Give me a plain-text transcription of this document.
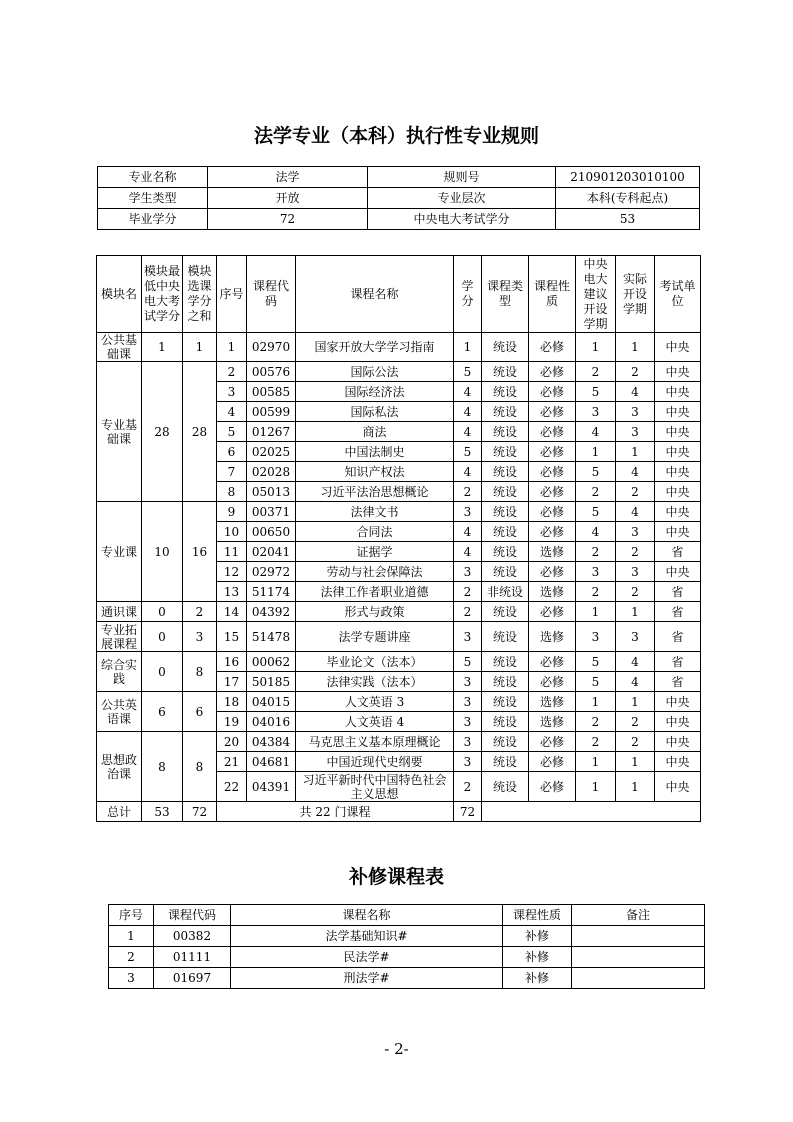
法学专业（本科）执行性专业规则
专业名称	法学	规则号	210901203010100
学生类型	开放	专业层次	本科(专科起点)
毕业学分	72	中央电大考试学分	53
模块名	模块最低中央电大考试学分	模块选课学分之和	序号	课程代码	课程名称	学分	课程类型	课程性质	中央电大建议开设学期	实际开设学期	考试单位
公共基础课	1	1	1	02970	国家开放大学学习指南	1	统设	必修	1	1	中央
专业基础课	28	28	2	00576	国际公法	5	统设	必修	2	2	中央
			3	00585	国际经济法	4	统设	必修	5	4	中央
			4	00599	国际私法	4	统设	必修	3	3	中央
			5	01267	商法	4	统设	必修	4	3	中央
			6	02025	中国法制史	5	统设	必修	1	1	中央
			7	02028	知识产权法	4	统设	必修	5	4	中央
			8	05013	习近平法治思想概论	2	统设	必修	2	2	中央
专业课	10	16	9	00371	法律文书	3	统设	必修	5	4	中央
			10	00650	合同法	4	统设	必修	4	3	中央
			11	02041	证据学	4	统设	选修	2	2	省
			12	02972	劳动与社会保障法	3	统设	必修	3	3	中央
			13	51174	法律工作者职业道德	2	非统设	选修	2	2	省
通识课	0	2	14	04392	形式与政策	2	统设	必修	1	1	省
专业拓展课程	0	3	15	51478	法学专题讲座	3	统设	选修	3	3	省
综合实践	0	8	16	00062	毕业论文（法本）	5	统设	必修	5	4	省
			17	50185	法律实践（法本）	3	统设	必修	5	4	省
公共英语课	6	6	18	04015	人文英语 3	3	统设	选修	1	1	中央
			19	04016	人文英语 4	3	统设	选修	2	2	中央
思想政治课	8	8	20	04384	马克思主义基本原理概论	3	统设	必修	2	2	中央
			21	04681	中国近现代史纲要	3	统设	必修	1	1	中央
			22	04391	习近平新时代中国特色社会主义思想	2	统设	必修	1	1	中央
总计	53	72	共 22 门课程			72					
补修课程表
序号	课程代码	课程名称	课程性质	备注
1	00382	法学基础知识#	补修	
2	01111	民法学#	补修	
3	01697	刑法学#	补修	
- 2-
